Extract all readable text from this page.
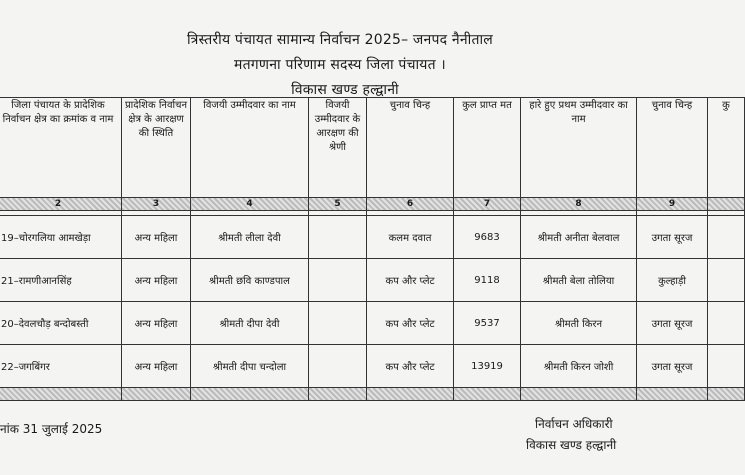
त्रिस्तरीय पंचायत सामान्य निर्वाचन 2025– जनपद नैनीताल
मतगणना परिणाम सदस्य जिला पंचायत ।
विकास खण्ड हल्द्वानी
जिला पंचायत के प्रादेशिक निर्वाचन क्षेत्र का क्रमांक व नाम	प्रादेशिक निर्वाचन क्षेत्र के आरक्षण की स्थिति	विजयी उम्मीदवार का नाम	विजयी उम्मीदवार के आरक्षण की श्रेणी	चुनाव चिन्ह	कुल प्राप्त मत	हारे हुए प्रथम उम्मीदवार का नाम	चुनाव चिन्ह	कु
2	3	4	5	6	7	8	9	

19–चोरगलिया आमखेड़ा	अन्य महिला	श्रीमती लीला देवी		कलम दवात	9683	श्रीमती अनीता बेलवाल	उगता सूरज	
21–रामणीआनसिंह	अन्य महिला	श्रीमती छवि काण्डपाल		कप और प्लेट	9118	श्रीमती बेला तोलिया	कुल्हाड़ी	
20–देवलचौड़ बन्दोबस्ती	अन्य महिला	श्रीमती दीपा देवी		कप और प्लेट	9537	श्रीमती किरन	उगता सूरज	
22–जगबिंगर	अन्य महिला	श्रीमती दीपा चन्दोला		कप और प्लेट	13919	श्रीमती किरन जोशी	उगता सूरज	

नांक 31 जुलाई 2025	निर्वाचन अधिकारी
विकास खण्ड हल्द्वानी
